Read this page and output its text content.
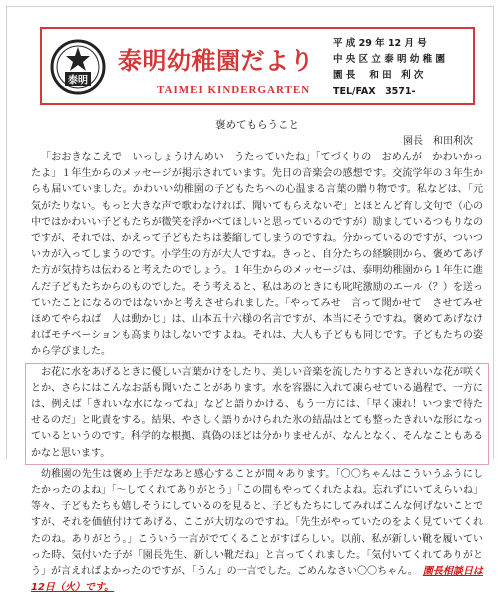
泰明
泰明幼稚園だより
TAIMEI KINDERGARTEN
平 成 29 年 12 月 号
中 央 区 立 泰 明 幼 稚 園
園 長 和 田　利 次
TEL/FAX　3571-
褒めてもらうこと
園長　和田利次

「おおきなこえで　いっしょうけんめい　うたっていたね」「てづくりの　おめんが　かわいかったよ」１年生からのメッセージが掲示されています。先日の音楽会の感想です。交流学年の３年生からも届いていました。かわいい幼稚園の子どもたちへの心温まる言葉の贈り物です。私などは、「元気がたりない。もっと大きな声で歌わなければ、聞いてもらえないぞ」とほとんど育し文句で（心の中ではかわいい子どもたちが微笑を浮かべてほしいと思っているのですが）励ましているつもりなのですが、それでは、かえって子どもたちは萎縮してしまうのですね。分かっているのですが、ついついカが入ってしまうのです。小学生の方が大人ですね。きっと、自分たちの経験則から、褒めてあげた方が気持ちは伝わると考えたのでしょう。１年生からのメッセージは、泰明幼稚園から１年生に進んだ子どもたちからのものでした。そう考えると、私はあのときにも叱咤激励のエール（？）を送っていたことになるのではないかと考えさせられました。「やってみせ　言って聞かせて　させてみせ　ほめてやらねば　人は動かじ」は、山本五十六様の名言ですが、本当にそうですね。褒めてあげなければモチベーションも高まりはしないですよね。それは、大人も子どもも同じです。子どもたちの姿から学びました。

お花に水をあげるときに優しい言葉かけをしたり、美しい音楽を流したりするときれいな花が咲くとか、さらにはこんなお話も聞いたことがあります。水を容器に入れて凍らせている過程で、一方には、例えば「きれいな水になってね」などと語りかける、もう一方には、「早く凍れ！いつまで待たせるのだ」と叱責をする。結果、やさしく語りかけられた氷の結晶はとても整ったきれいな形になっているというのです。科学的な根拠、真偽のほどは分かりませんが、なんとなく、そんなこともあるかなと思います。

幼稚園の先生は褒め上手だなあと感心することが間々あります。「〇〇ちゃんはこういうふうにしたかったのよね」「～してくれてありがとう」「この間もやってくれたよね。忘れずにいてえらいね」等々、子どもたちも嬉しそうにしているのを見ると、子どもたちにしてみればこんな何げないことですが、それを価値付けてあげる、ここが大切なのですね。「先生がやっていたのをよく見ていてくれたのね。ありがとう。」こういう一言がでてくることがすばらしい。以前、私が新しい靴を履いていった時、気付いた子が「園長先生、新しい靴だね」と言ってくれました。「気付いてくれてありがとう」が言えればよかったのですが、「うん」の一言でした。ごめんなさい〇〇ちゃん。　 園長相談日は12日（火）です。
